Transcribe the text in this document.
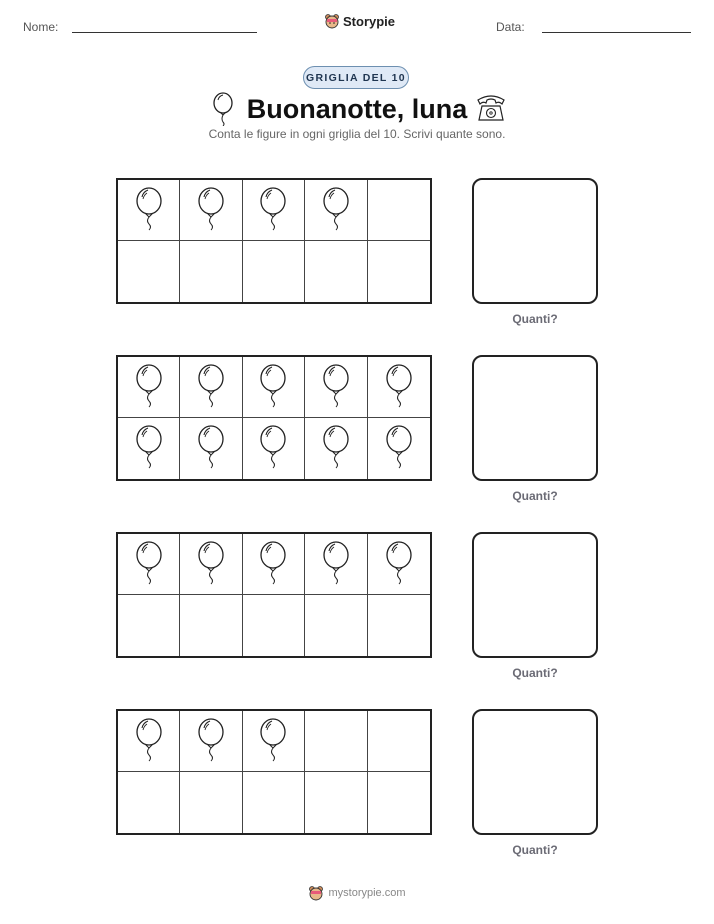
Nome:	Storypie	Data:
GRIGLIA DEL 10
Buonanotte, luna
Conta le figure in ogni griglia del 10. Scrivi quante sono.
Quanti?
Quanti?
Quanti?
Quanti?
mystorypie.com
